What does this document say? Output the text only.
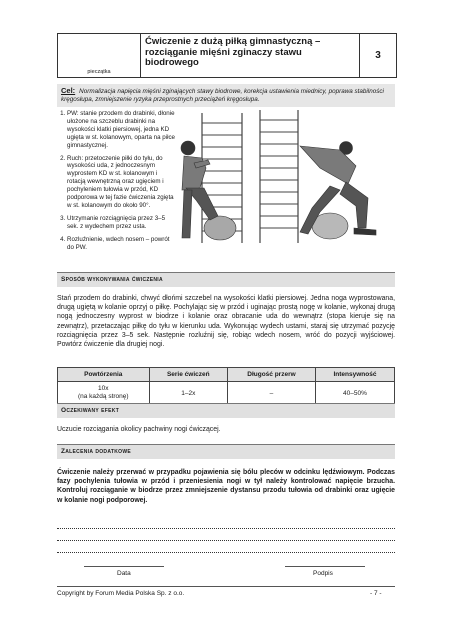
pieczątka
Ćwiczenie z dużą piłką gimnastyczną – rozciąganie mięśni zginaczy stawu biodrowego
3
Cel: Normalizacja napięcia mięśni zginających stawy biodrowe, korekcja ustawienia miednicy, poprawa stabilności kręgosłupa, zmniejszenie ryzyka przeprostnych przeciążeń kręgosłupa.
1. PW: stanie przodem do drabinki, dłonie ułożone na szczeblu drabinki na wysokości klatki piersiowej, jedna KD ugięta w st. kolanowym, oparta na piłce gimnastycznej.
2. Ruch: przetoczenie piłki do tyłu, do wysokości uda, z jednoczesnym wyprostem KD w st. kolanowym i rotacją wewnętrzną oraz ugięciem i pochyleniem tułowia w przód, KD podporowa w tej fazie ćwiczenia zgięta w st. kolanowym do około 90°.
3. Utrzymanie rozciągnięcia przez 3–5 sek. z wydechem przez usta.
4. Rozluźnienie, wdech nosem – powrót do PW.
Sposób wykonywania ćwiczenia
Stań przodem do drabinki, chwyć dłońmi szczebel na wysokości klatki piersiowej. Jedna noga wyprostowana, drugą ugiętą w kolanie oprzyj o piłkę. Pochylając się w przód i uginając prostą nogę w kolanie, wykonaj drugą nogą jednoczesny wyprost w biodrze i kolanie oraz obracanie uda do wewnątrz (stopa kieruje się na zewnątrz), przetaczając piłkę do tyłu w kierunku uda. Wykonując wydech ustami, staraj się utrzymać pozycję rozciągnięcia przez 3–5 sek. Następnie rozluźnij się, robiąc wdech nosem, wróć do pozycji wyjściowej. Powtórz ćwiczenie dla drugiej nogi.
Powtórzenia	Serie ćwiczeń	Długość przerw	Intensywność
10x
(na każdą stronę)	1–2x	–	40–50%
Oczekiwany efekt
Uczucie rozciągania okolicy pachwiny nogi ćwiczącej.
Zalecenia dodatkowe
Ćwiczenie należy przerwać w przypadku pojawienia się bólu pleców w odcinku lędźwiowym. Podczas fazy pochylenia tułowia w przód i przeniesienia nogi w tył należy kontrolować napięcie brzucha. Kontroluj rozciąganie w biodrze przez zmniejszenie dystansu przodu tułowia od drabinki oraz ugięcie w kolanie nogi podporowej.
Data	Podpis
Copyright by Forum Media Polska Sp. z o.o.	- 7 -
